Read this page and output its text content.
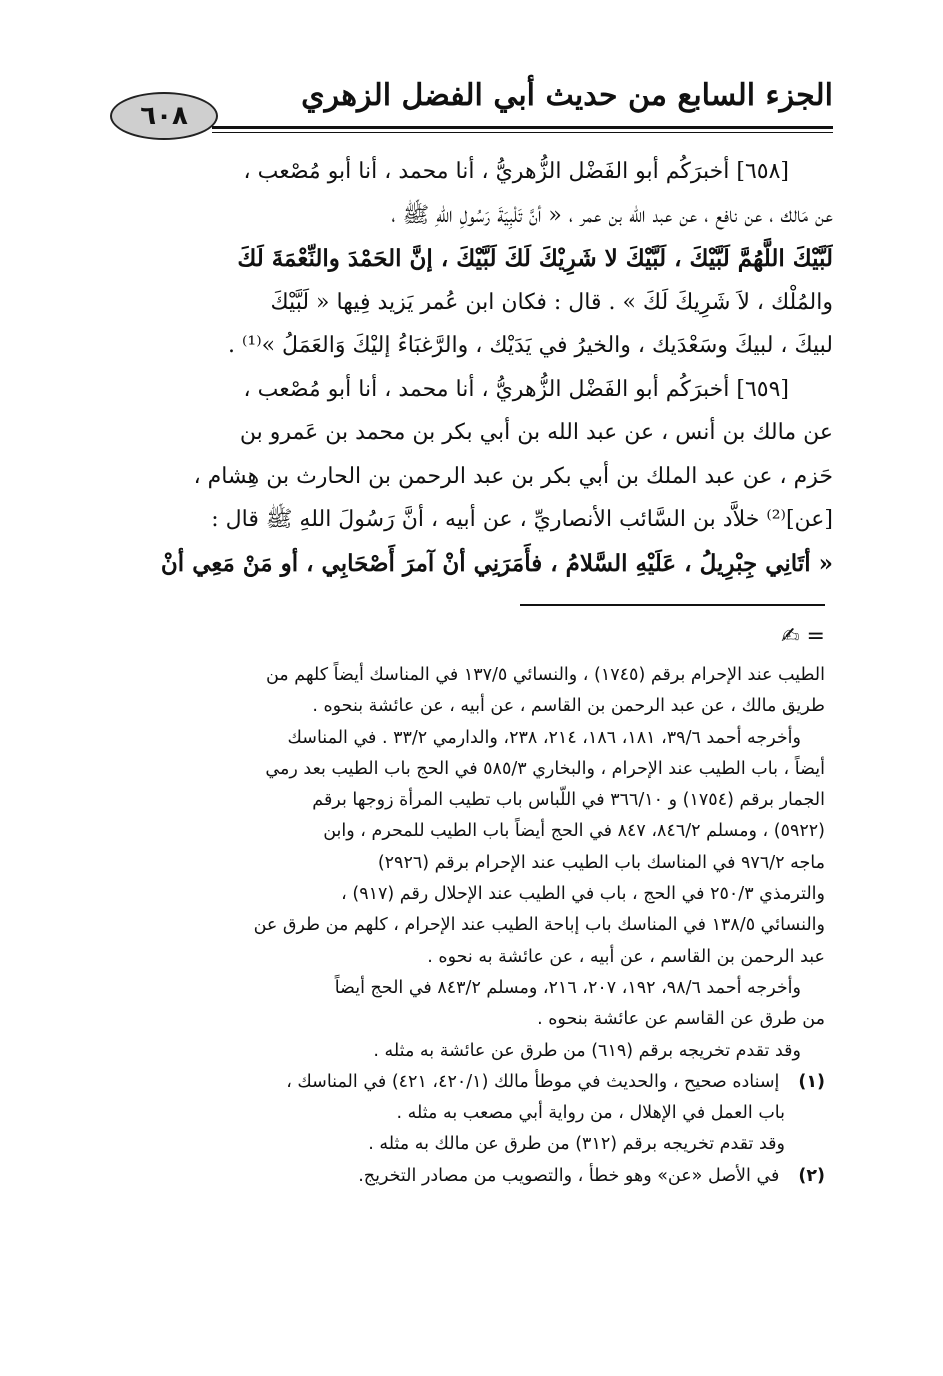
٦٠٨
الجزء السابع من حديث أبي الفضل الزهري
[٦٥٨] أخبرَكُم أبو الفَضْل الزُّهريُّ ، أنا محمد ، أنا أبو مُصْعب ،
عن مَالك ، عن نافع ، عن عبد الله بن عمر ، « أنَّ تَلْبِيَةَ رَسُولِ اللهِ ﷺ ،
لَبَّيْكَ اللَّهُمَّ لَبَّيْكَ ، لَبَّيْكَ لا شَرِيْكَ لَكَ لَبَّيْكَ ، إنَّ الحَمْدَ والنِّعْمَةَ لَكَ
والمُلْك ، لاَ شَرِيكَ لَكَ » . قال : فكان ابن عُمر يَزيد فِيها « لَبَّيْكَ
لبيكَ ، لبيكَ وسَعْدَيك ، والخيرُ في يَدَيْك ، والرَّغبَاءُ إليْكَ وَالعَمَلُ »⁽¹⁾ .
[٦٥٩] أخبرَكُم أبو الفَضْل الزُّهريُّ ، أنا محمد ، أنا أبو مُصْعب ،
عن مالك بن أنس ، عن عبد الله بن أبي بكر بن محمد بن عَمرو بن
حَزم ، عن عبد الملك بن أبي بكر بن عبد الرحمن بن الحارث بن هِشام ،
[عن]⁽²⁾ خلاَّد بن السَّائب الأنصاريِّ ، عن أبيه ، أنَّ رَسُولَ اللهِ ﷺ قال :
« أتَانِي جِبْرِيلُ ، عَلَيْهِ السَّلامُ ، فأَمَرَنِي أنْ آمرَ أَصْحَابِي ، أو مَنْ مَعِي أنْ
= ✍
الطيب عند الإحرام برقم (١٧٤٥) ، والنسائي ١٣٧/٥ في المناسك أيضاً كلهم من
طريق مالك ، عن عبد الرحمن بن القاسم ، عن أبيه ، عن عائشة بنحوه .
وأخرجه أحمد ٣٩/٦، ١٨١، ١٨٦، ٢١٤، ٢٣٨، والدارمي ٣٣/٢ . في المناسك
أيضاً ، باب الطيب عند الإحرام ، والبخاري ٥٨٥/٣ في الحج باب الطيب بعد رمي
الجمار برقم (١٧٥٤) و ٣٦٦/١٠ في اللّباس باب تطيب المرأة زوجها برقم
(٥٩٢٢) ، ومسلم ٨٤٦/٢، ٨٤٧ في الحج أيضاً باب الطيب للمحرم ، وابن
ماجه ٩٧٦/٢ في المناسك باب الطيب عند الإحرام برقم (٢٩٢٦)
والترمذي ٢٥٠/٣ في الحج ، باب في الطيب عند الإحلال رقم (٩١٧) ،
والنسائي ١٣٨/٥ في المناسك باب إباحة الطيب عند الإحرام ، كلهم من طرق عن
عبد الرحمن بن القاسم ، عن أبيه ، عن عائشة به نحوه .
وأخرجه أحمد ٩٨/٦، ١٩٢، ٢٠٧، ٢١٦، ومسلم ٨٤٣/٢ في الحج أيضاً
من طرق عن القاسم عن عائشة بنحوه .
وقد تقدم تخريجه برقم (٦١٩) من طرق عن عائشة به مثله .
(١) إسناده صحيح ، والحديث في موطأ مالك (٤٢٠/١، ٤٢١) في المناسك ،
باب العمل في الإهلال ، من رواية أبي مصعب به مثله .
وقد تقدم تخريجه برقم (٣١٢) من طرق عن مالك به مثله .
(٢) في الأصل «عن» وهو خطأ ، والتصويب من مصادر التخريج.
